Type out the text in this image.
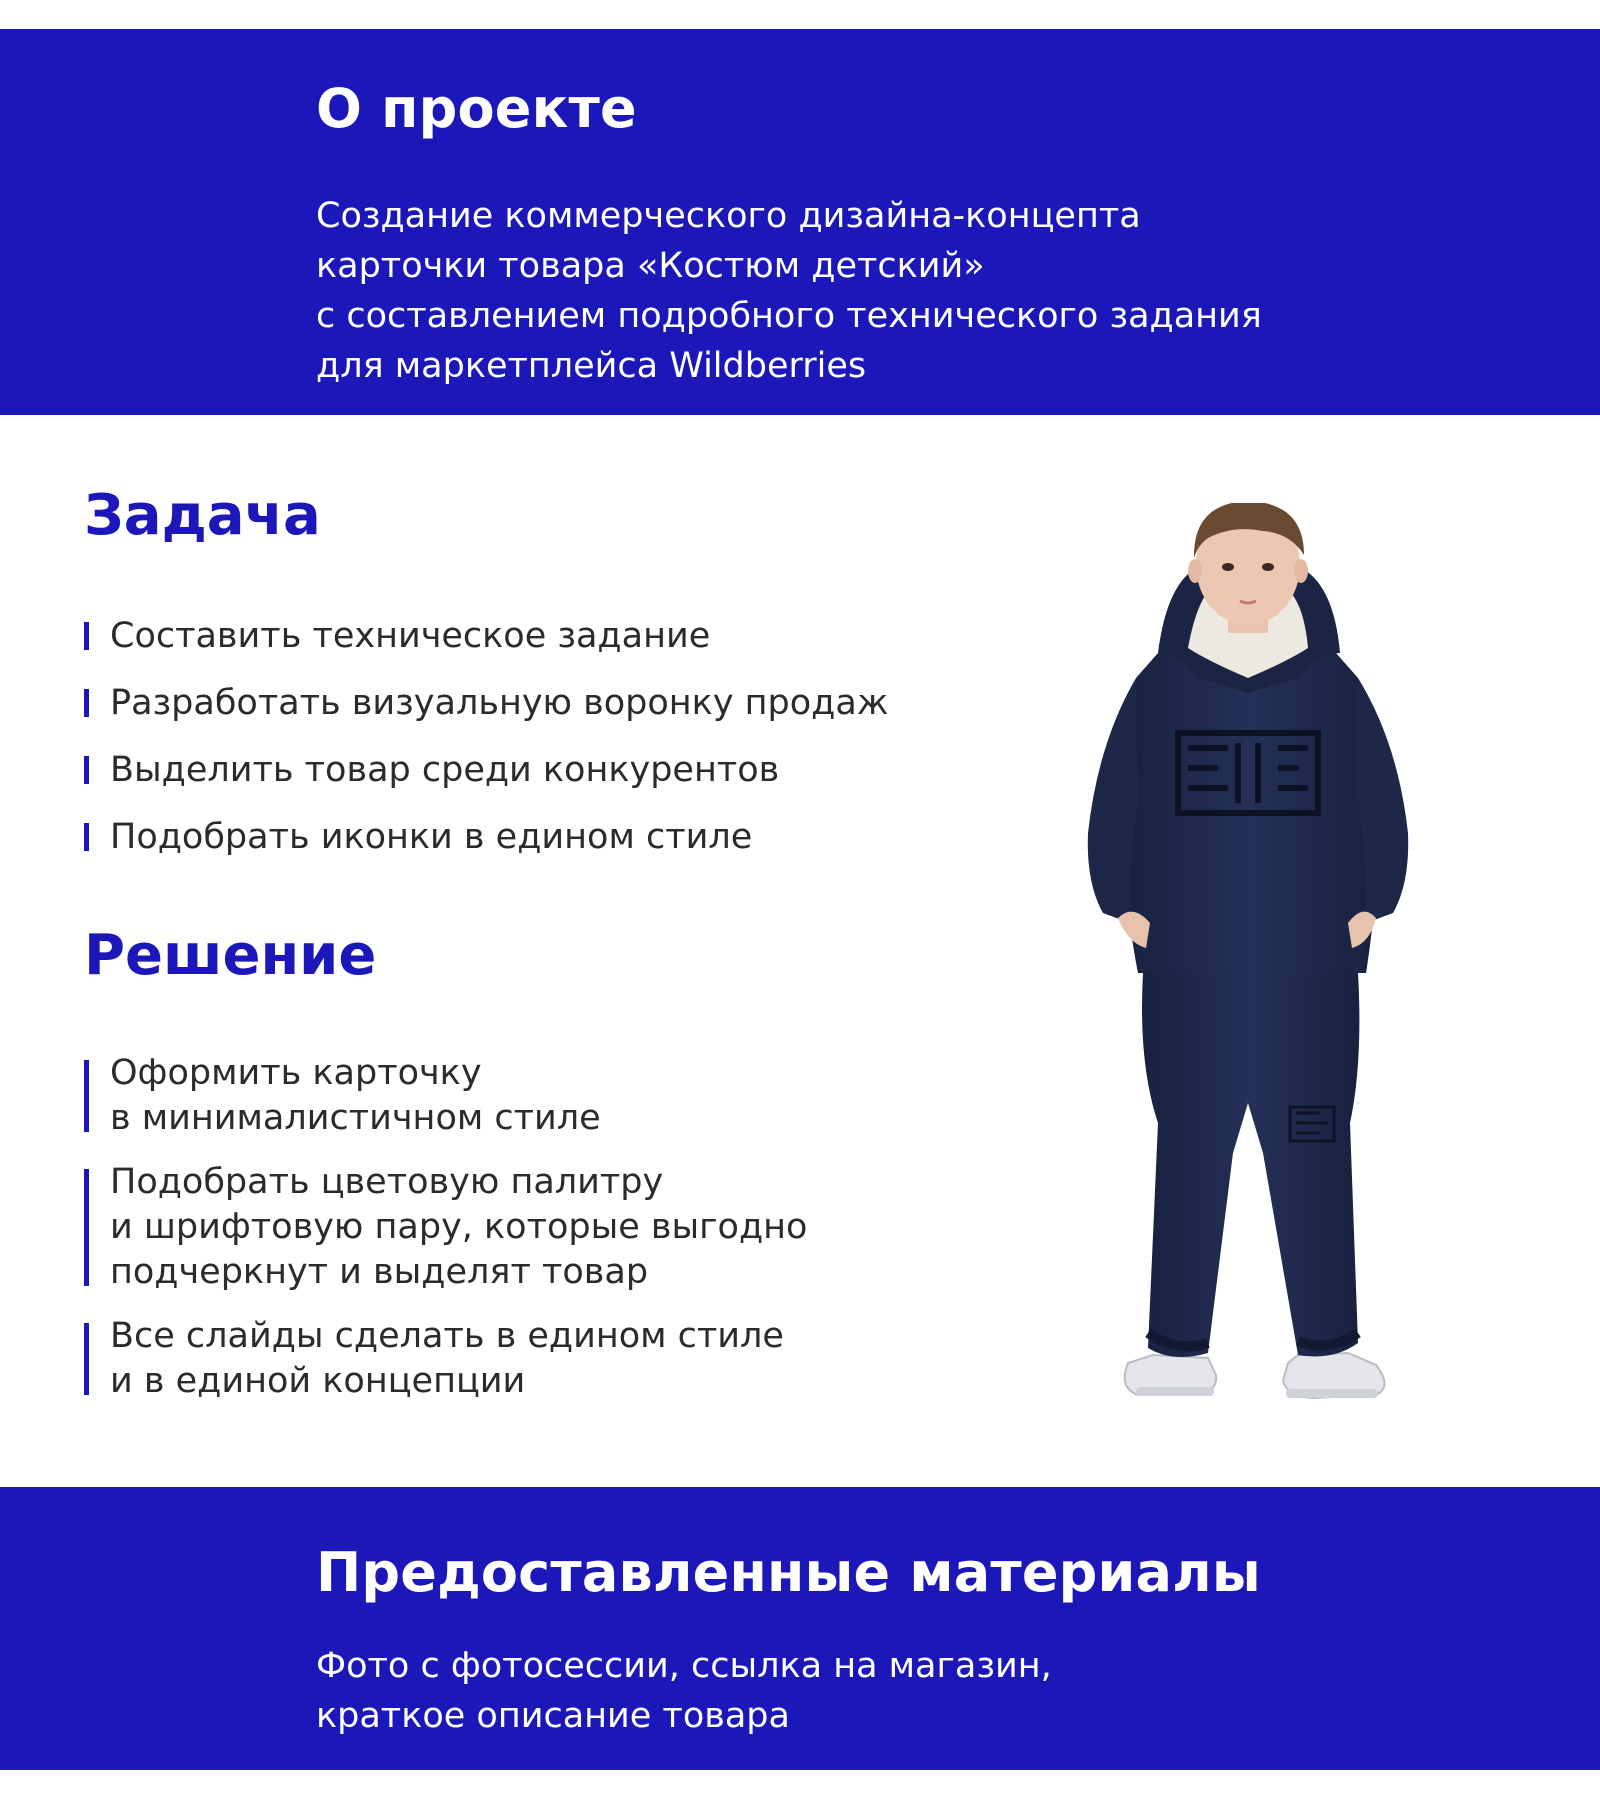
О проекте

Создание коммерческого дизайна-концепта
карточки товара «Костюм детский»
с составлением подробного технического задания
для маркетплейса Wildberries

Задача
Составить техническое задание
Разработать визуальную воронку продаж
Выделить товар среди конкурентов
Подобрать иконки в едином стиле
Решение
Оформить карточку
в минималистичном стиле
Подобрать цветовую палитру
и шрифтовую пару, которые выгодно
подчеркнут и выделят товар
Все слайды сделать в едином стиле
и в единой концепции
Предоставленные материалы

Фото с фотосессии, ссылка на магазин,
краткое описание товара
